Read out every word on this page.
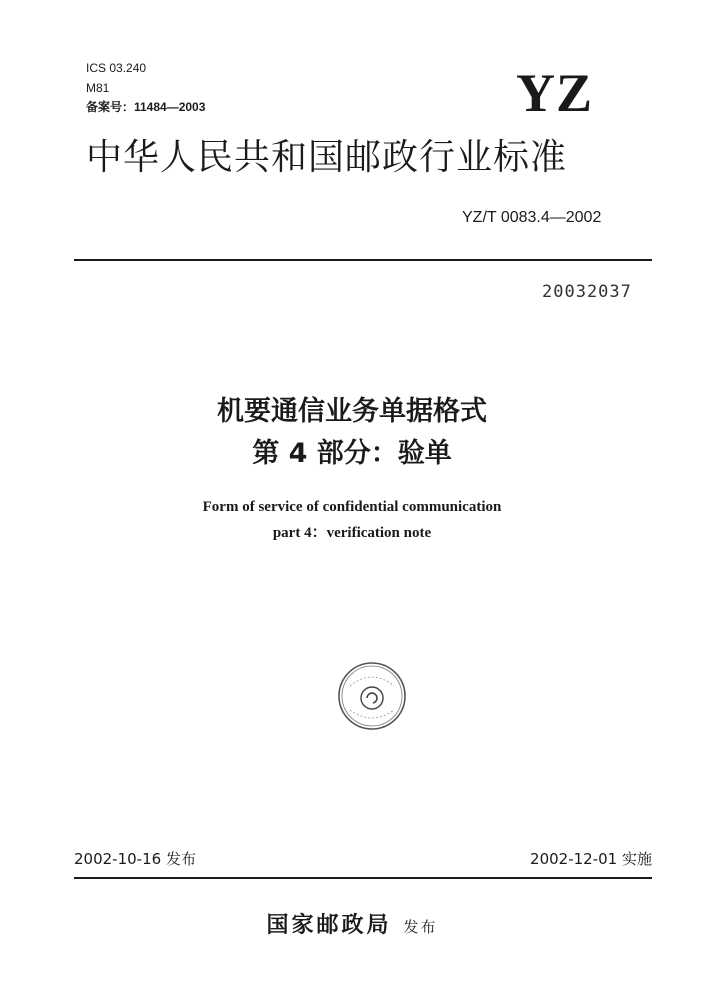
ICS 03.240
M81
备案号：11484—2003	YZ
中华人民共和国邮政行业标准
YZ/T 0083.4—2002
20032037
机要通信业务单据格式
第 4 部分：验单
Form of service of confidential communication
part 4：verification note
2002-10-16 发布	2002-12-01 实施
国家邮政局 发布
